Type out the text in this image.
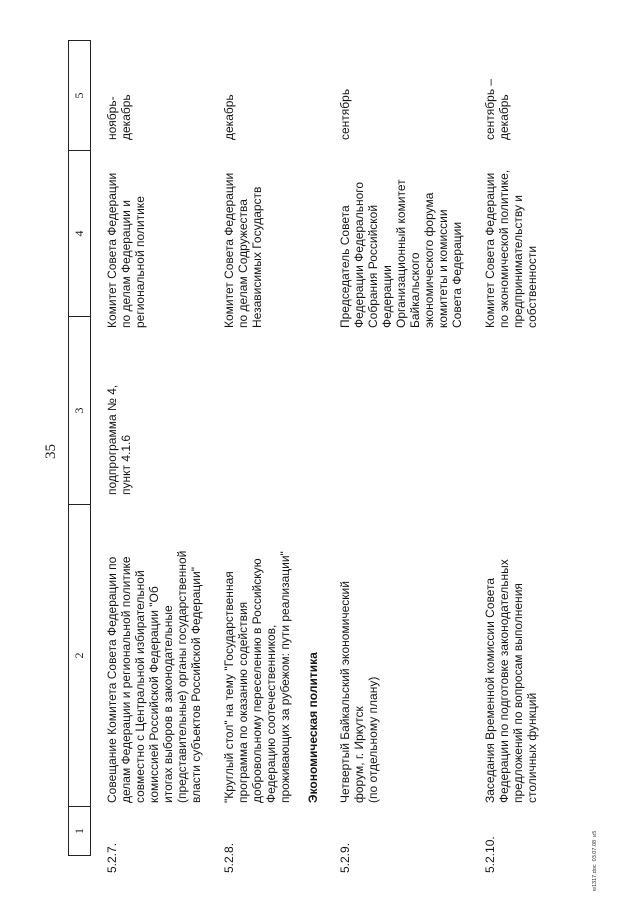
35
1
2
3
4
5
5.2.7.
Совещание Комитета Совета Федерации по
делам Федерации и региональной политике
совместно с Центральной избирательной
комиссией Российской Федерации "Об
итогах выборов в законодательные
(представительные) органы государственной
власти субъектов Российской Федерации"
подпрограмма № 4,
пункт 4.1.6
Комитет Совета Федерации
по делам Федерации и
региональной политике
ноябрь-
декабрь
5.2.8.
"Круглый стол" на тему "Государственная
программа по оказанию содействия
добровольному переселению в Российскую
Федерацию соотечественников,
проживающих за рубежом: пути реализации"
Комитет Совета Федерации
по делам Содружества
Независимых Государств
декабрь
Экономическая политика
5.2.9.
Четвертый Байкальский экономический
форум, г. Иркутск
(по отдельному плану)
Председатель Совета
Федерации Федерального
Собрания Российской
Федерации
Организационный комитет
Байкальского
экономического форума
комитеты и комиссии
Совета Федерации
сентябрь
5.2.10.
Заседания Временной комиссии Совета
Федерации по подготовке законодательных
предложений по вопросам выполнения
столичных функций
Комитет Совета Федерации
по экономической политике,
предпринимательству и
собственности
сентябрь –
декабрь
w1317.doc  03.07.08  и5
